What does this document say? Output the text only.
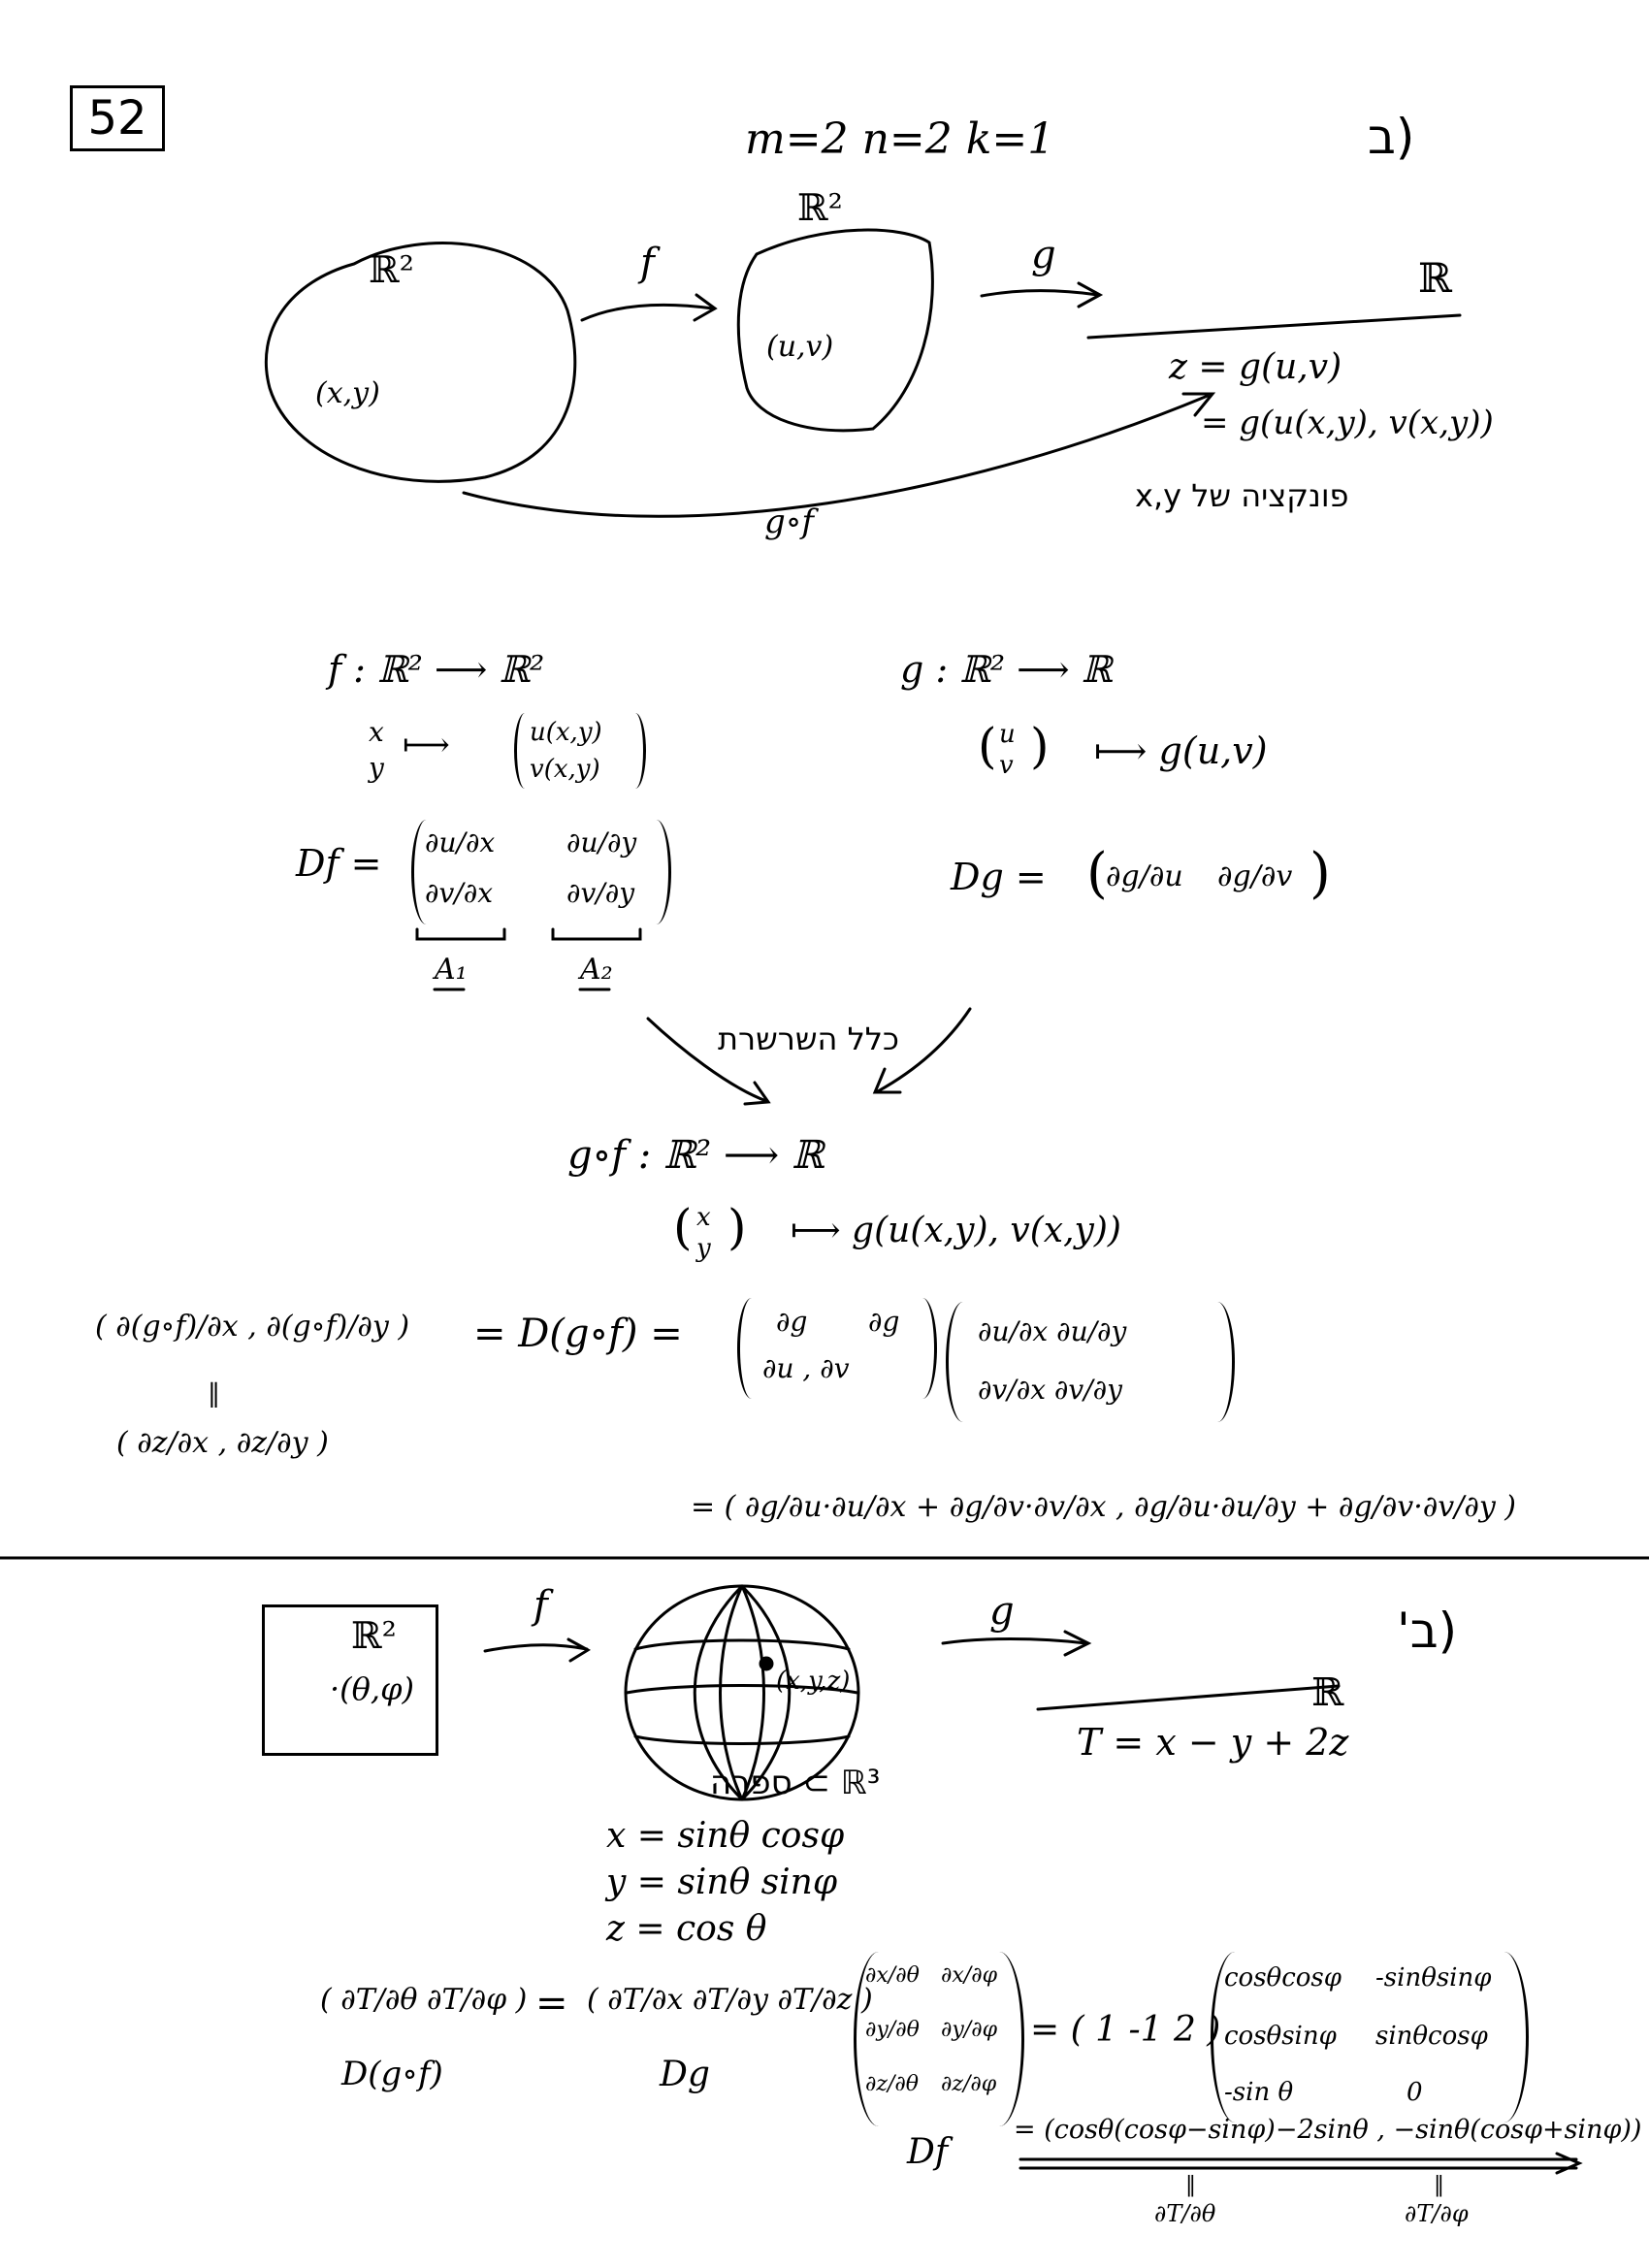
52	(ב
m=2 n=2 k=1
ℝ²
(x,y)
f
ℝ²
(u,v)
g	ℝ
z = g(u,v)
= g(u(x,y), v(x,y))
פונקציה של x,y
g∘f
f : ℝ² ⟶ ℝ²
x
y
⟼	u(x,y)
v(x,y)
Df = ∂u/∂x	∂u/∂y
∂v/∂x	∂v/∂y
A₁	A₂
g : ℝ² ⟶ ℝ
u
v
( ) ⟼ g(u,v)
Dg = (
∂g/∂u ∂g/∂v )
כלל השרשרת
g∘f : ℝ² ⟶ ℝ
( x
y ) ⟼ g(u(x,y), v(x,y))
( ∂(g∘f)/∂x , ∂(g∘f)/∂y )
‖
( ∂z/∂x , ∂z/∂y )
= D(g∘f) =	∂g ∂g
∂u , ∂v
∂u/∂x ∂u/∂y
∂v/∂x ∂v/∂y
= ( ∂g/∂u·∂u/∂x + ∂g/∂v·∂v/∂x , ∂g/∂u·∂u/∂y + ∂g/∂v·∂v/∂y )
(ב'
ℝ²
·(θ,φ)
f
(x,y,z)
ספרה ⊂ ℝ³
g
ℝ
T = x − y + 2z
x = sinθ cosφ
y = sinθ sinφ
z = cos θ
( ∂T/∂θ ∂T/∂φ )
D(g∘f)
= ( ∂T/∂x ∂T/∂y ∂T/∂z )
Dg
∂x/∂θ ∂x/∂φ
∂y/∂θ ∂y/∂φ
∂z/∂θ ∂z/∂φ
Df
= ( 1 -1 2 )
cosθcosφ -sinθsinφ
cosθsinφ sinθcosφ
-sin θ	0
= (cosθ(cosφ−sinφ)−2sinθ , −sinθ(cosφ+sinφ))
‖	‖
∂T/∂θ	∂T/∂φ
